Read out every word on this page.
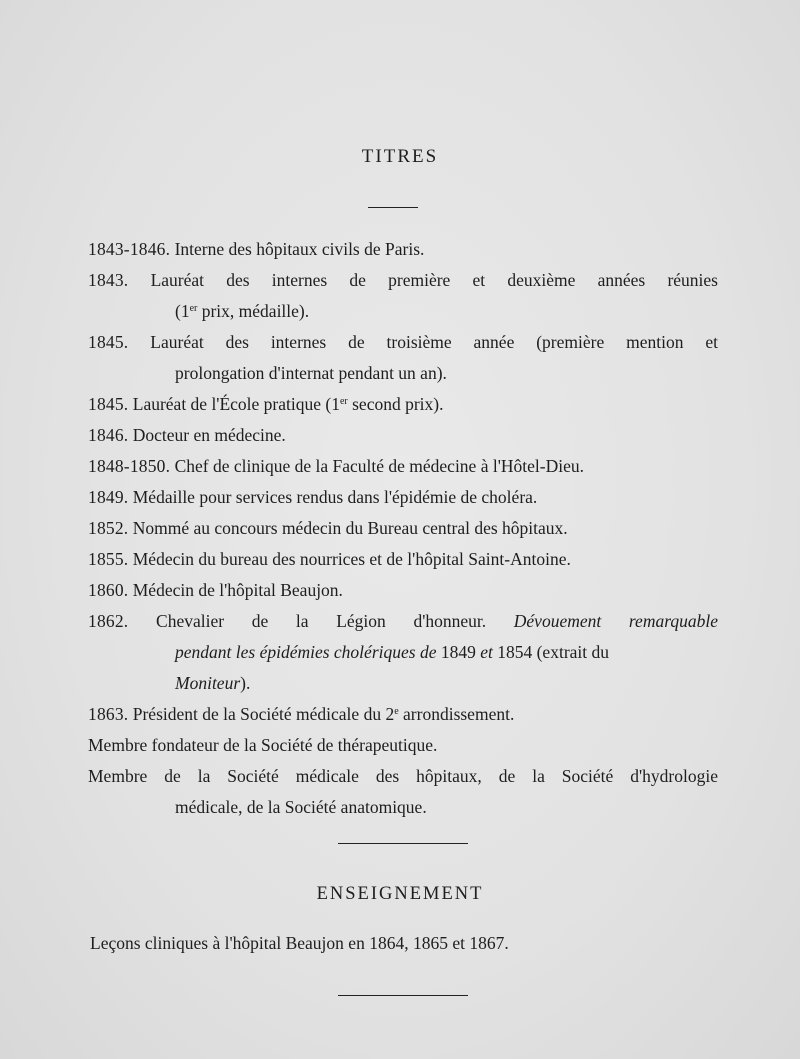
TITRES
1843-1846. Interne des hôpitaux civils de Paris.
1843. Lauréat des internes de première et deuxième années réunies
(1er prix, médaille).
1845. Lauréat des internes de troisième année (première mention et
prolongation d'internat pendant un an).
1845. Lauréat de l'École pratique (1er second prix).
1846. Docteur en médecine.
1848-1850. Chef de clinique de la Faculté de médecine à l'Hôtel-Dieu.
1849. Médaille pour services rendus dans l'épidémie de choléra.
1852. Nommé au concours médecin du Bureau central des hôpitaux.
1855. Médecin du bureau des nourrices et de l'hôpital Saint-Antoine.
1860. Médecin de l'hôpital Beaujon.
1862. Chevalier de la Légion d'honneur. Dévouement remarquable
pendant les épidémies cholériques de 1849 et 1854 (extrait du
Moniteur).
1863. Président de la Société médicale du 2e arrondissement.
Membre fondateur de la Société de thérapeutique.
Membre de la Société médicale des hôpitaux, de la Société d'hydrologie
médicale, de la Société anatomique.
ENSEIGNEMENT
Leçons cliniques à l'hôpital Beaujon en 1864, 1865 et 1867.
